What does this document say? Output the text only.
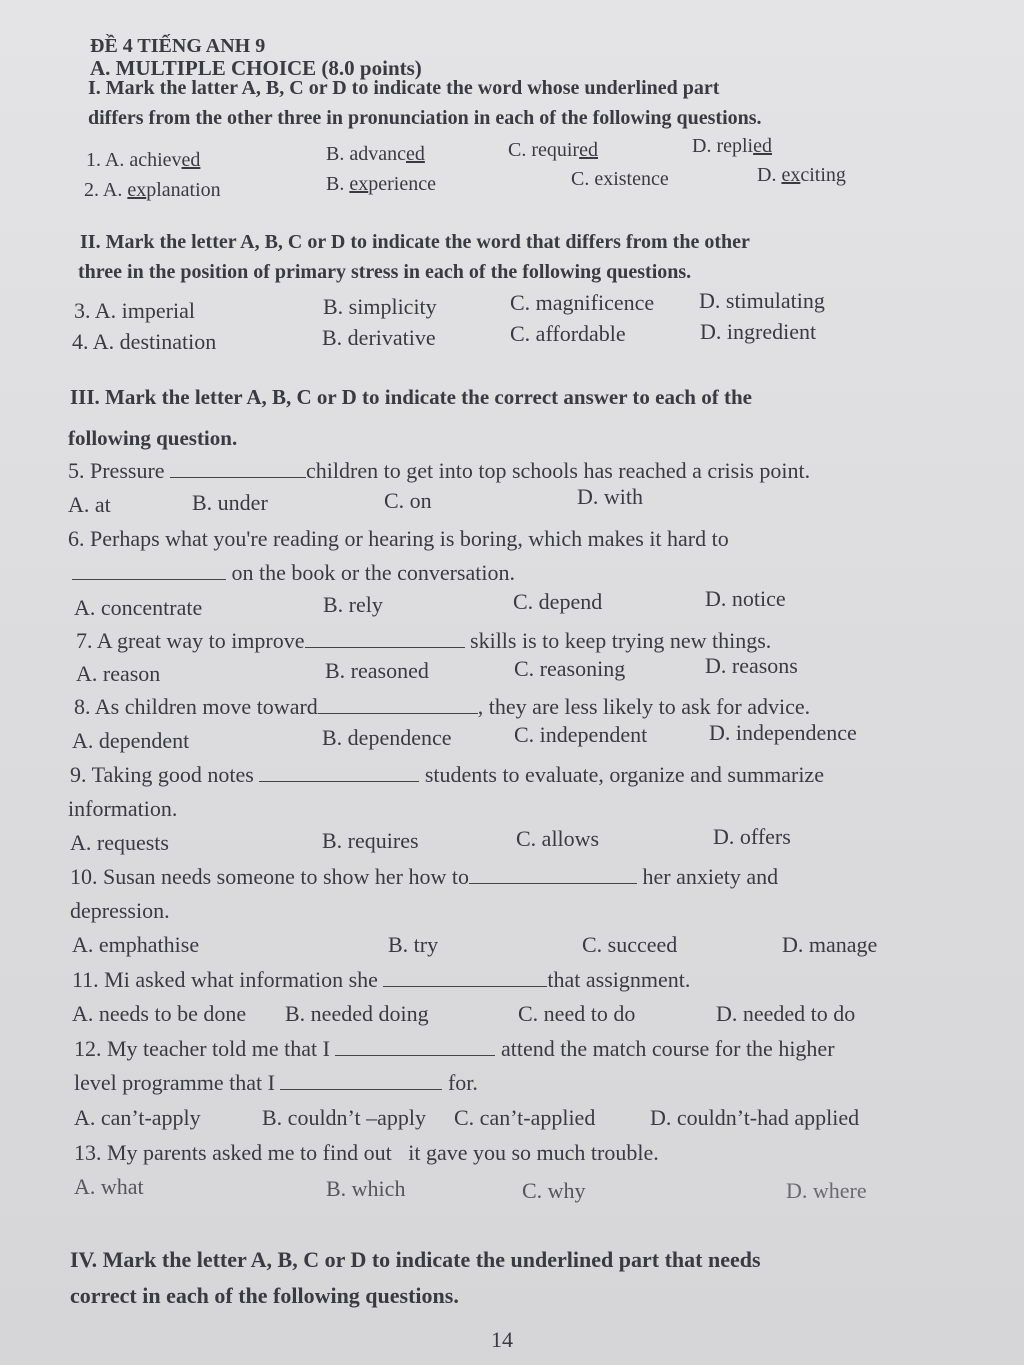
ĐỀ 4 TIẾNG ANH 9
A. MULTIPLE CHOICE (8.0 points)
I. Mark the latter A, B, C or D to indicate the word whose underlined part
differs from the other three in pronunciation in each of the following questions.
1. A. achieved	B. advanced	C. required	D. replied
2. A. explanation	B. experience	C. existence	D. exciting
II. Mark the letter A, B, C or D to indicate the word that differs from the other
three in the position of primary stress in each of the following questions.
3. A. imperial	B. simplicity	C. magnificence D. stimulating
4. A. destination	B. derivative	C. affordable	D. ingredient
III. Mark the letter A, B, C or D to indicate the correct answer to each of the
following question.
5. Pressure	children to get into top schools has reached a crisis point.
A. at	B. under	C. on	D. with
6. Perhaps what you're reading or hearing is boring, which makes it hard to
on the book or the conversation.
A. concentrate	B. rely	C. depend	D. notice
7. A great way to improve	skills is to keep trying new things.
A. reason	B. reasoned	C. reasoning	D. reasons
8. As children move toward	, they are less likely to ask for advice.
A. dependent	B. dependence	C. independent	D. independence
9. Taking good notes	students to evaluate, organize and summarize
information.
A. requests	B. requires	C. allows	D. offers
10. Susan needs someone to show her how to	her anxiety and
depression.
A. emphathise	B. try	C. succeed	D. manage
11. Mi asked what information she	that assignment.
A. needs to be done B. needed doing	C. need to do	D. needed to do
12. My teacher told me that I	attend the match course for the higher
level programme that I	for.
A. can’t-apply	B. couldn’t –apply C. can’t-applied D. couldn’t-had applied
13. My parents asked me to find out   it gave you so much trouble.
A. what	B. which	C. why	D. where
IV. Mark the letter A, B, C or D to indicate the underlined part that needs
correct in each of the following questions.
14
